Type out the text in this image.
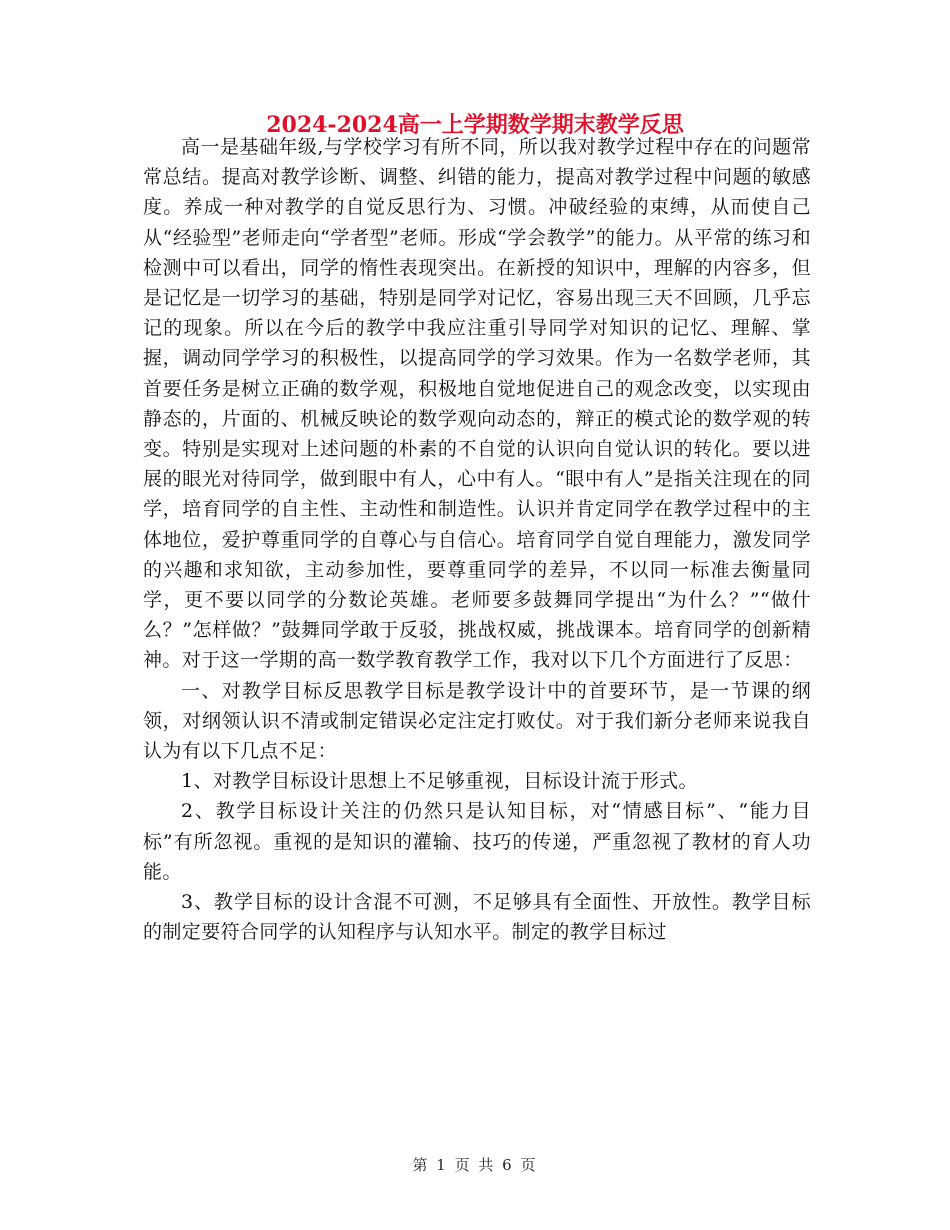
2024-2024高一上学期数学期末教学反思

高一是基础年级,与学校学习有所不同，所以我对教学过程中存在的问题常常总结。提高对教学诊断、调整、纠错的能力，提高对教学过程中问题的敏感度。养成一种对教学的自觉反思行为、习惯。冲破经验的束缚，从而使自己从“经验型”老师走向“学者型”老师。形成“学会教学”的能力。从平常的练习和检测中可以看出，同学的惰性表现突出。在新授的知识中，理解的内容多，但是记忆是一切学习的基础，特别是同学对记忆，容易出现三天不回顾，几乎忘记的现象。所以在今后的教学中我应注重引导同学对知识的记忆、理解、掌握，调动同学学习的积极性，以提高同学的学习效果。作为一名数学老师，其首要任务是树立正确的数学观，积极地自觉地促进自己的观念改变，以实现由静态的，片面的、机械反映论的数学观向动态的，辩正的模式论的数学观的转变。特别是实现对上述问题的朴素的不自觉的认识向自觉认识的转化。要以进展的眼光对待同学，做到眼中有人，心中有人。“眼中有人”是指关注现在的同学，培育同学的自主性、主动性和制造性。认识并肯定同学在教学过程中的主体地位，爱护尊重同学的自尊心与自信心。培育同学自觉自理能力，激发同学的兴趣和求知欲，主动参加性，要尊重同学的差异，不以同一标准去衡量同学，更不要以同学的分数论英雄。老师要多鼓舞同学提出“为什么？”“做什么？”怎样做？”鼓舞同学敢于反驳，挑战权威，挑战课本。培育同学的创新精神。对于这一学期的高一数学教育教学工作，我对以下几个方面进行了反思：

一、对教学目标反思教学目标是教学设计中的首要环节，是一节课的纲领，对纲领认识不清或制定错误必定注定打败仗。对于我们新分老师来说我自认为有以下几点不足：

1、对教学目标设计思想上不足够重视，目标设计流于形式。

2、教学目标设计关注的仍然只是认知目标，对“情感目标”、“能力目标”有所忽视。重视的是知识的灌输、技巧的传递，严重忽视了教材的育人功能。

3、教学目标的设计含混不可测，不足够具有全面性、开放性。教学目标的制定要符合同学的认知程序与认知水平。制定的教学目标过

第 1 页 共 6 页
